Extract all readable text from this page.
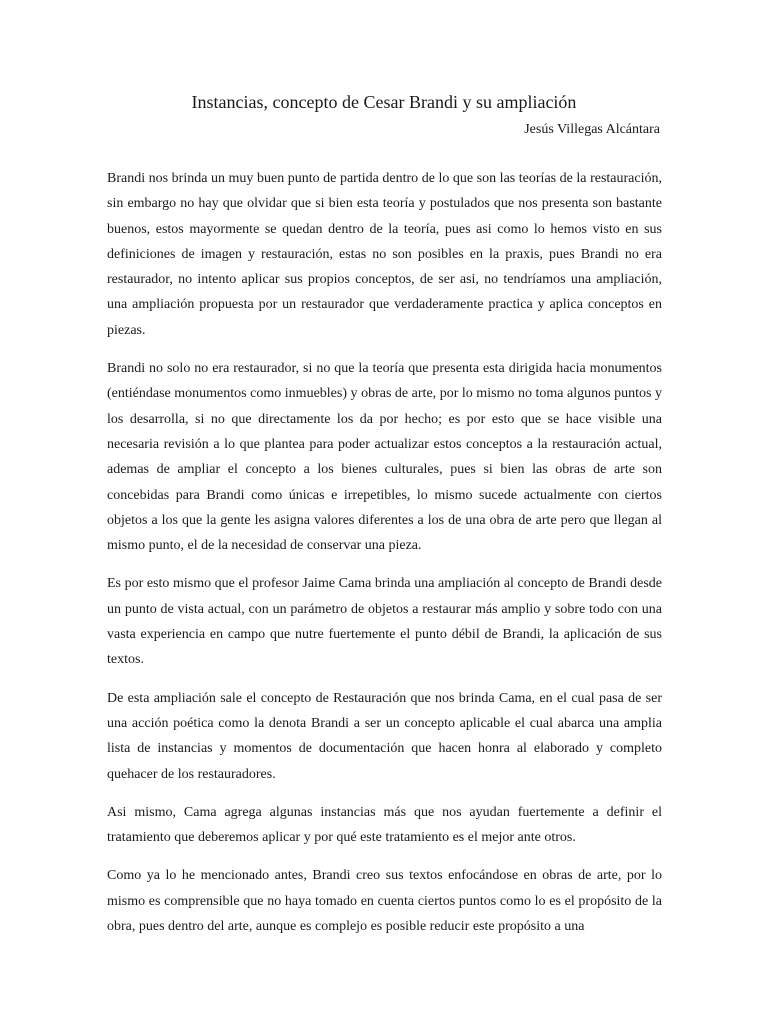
Instancias, concepto de Cesar Brandi y su ampliación
Jesús Villegas Alcántara

Brandi nos brinda un muy buen punto de partida dentro de lo que son las teorías de la restauración, sin embargo no hay que olvidar que si bien esta teoría y postulados que nos presenta son bastante buenos, estos mayormente se quedan dentro de la teoría, pues asi como lo hemos visto en sus definiciones de imagen y restauración, estas no son posibles en la praxis, pues Brandi no era restaurador, no intento aplicar sus propios conceptos, de ser asi, no tendríamos una ampliación, una ampliación propuesta por un restaurador que verdaderamente practica y aplica conceptos en piezas.

Brandi no solo no era restaurador, si no que la teoría que presenta esta dirigida hacia monumentos (entiéndase monumentos como inmuebles) y obras de arte, por lo mismo no toma algunos puntos y los desarrolla, si no que directamente los da por hecho; es por esto que se hace visible una necesaria revisión a lo que plantea para poder actualizar estos conceptos a la restauración actual, ademas de ampliar el concepto a los bienes culturales, pues si bien las obras de arte son concebidas para Brandi como únicas e irrepetibles, lo mismo sucede actualmente con ciertos objetos a los que la gente les asigna valores diferentes a los de una obra de arte pero que llegan al mismo punto, el de la necesidad de conservar una pieza.

Es por esto mismo que el profesor Jaime Cama brinda una ampliación al concepto de Brandi desde un punto de vista actual, con un parámetro de objetos a restaurar más amplio y sobre todo con una vasta experiencia en campo que nutre fuertemente el punto débil de Brandi, la aplicación de sus textos.

De esta ampliación sale el concepto de Restauración que nos brinda Cama, en el cual pasa de ser una acción poética como la denota Brandi a ser un concepto aplicable el cual abarca una amplia lista de instancias y momentos de documentación que hacen honra al elaborado y completo quehacer de los restauradores.

Asi mismo, Cama agrega algunas instancias más que nos ayudan fuertemente a definir el tratamiento que deberemos aplicar y por qué este tratamiento es el mejor ante otros.

Como ya lo he mencionado antes, Brandi creo sus textos enfocándose en obras de arte, por lo mismo es comprensible que no haya tomado en cuenta ciertos puntos como lo es el propósito de la obra, pues dentro del arte, aunque es complejo es posible reducir este propósito a una
